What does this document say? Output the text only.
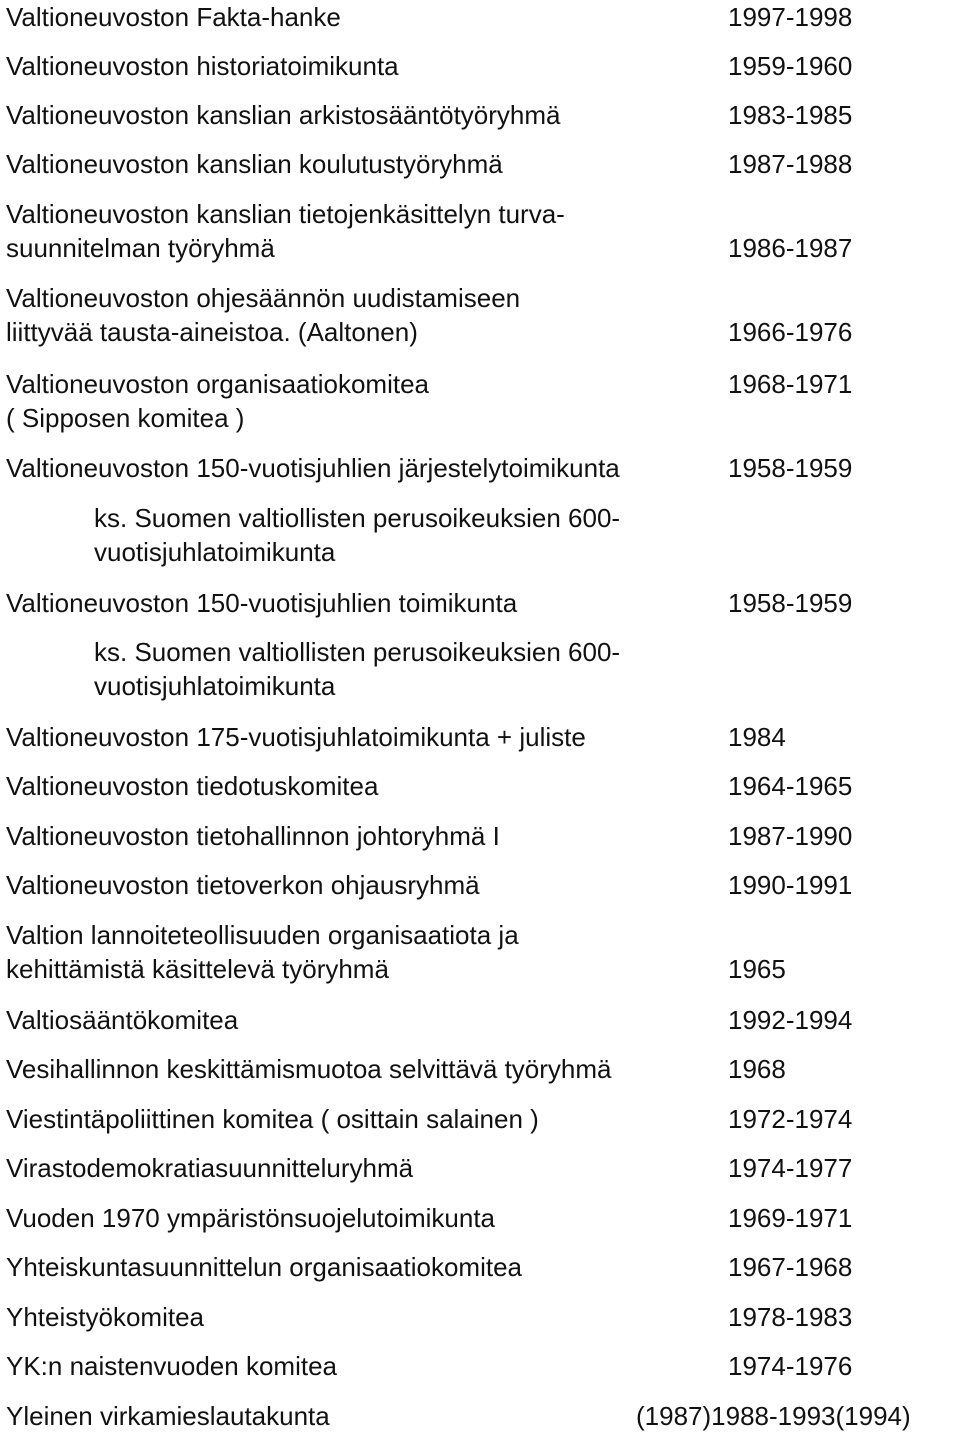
Valtioneuvoston Fakta-hanke	1997-1998
Valtioneuvoston historiatoimikunta	1959-1960
Valtioneuvoston kanslian arkistosääntötyöryhmä	1983-1985
Valtioneuvoston kanslian koulutustyöryhmä	1987-1988
Valtioneuvoston kanslian tietojenkäsittelyn turva-
suunnitelman työryhmä	1986-1987
Valtioneuvoston ohjesäännön uudistamiseen
liittyvää tausta-aineistoa. (Aaltonen)	1966-1976
Valtioneuvoston organisaatiokomitea	1968-1971
( Sipposen komitea )
Valtioneuvoston 150-vuotisjuhlien järjestelytoimikunta	1958-1959
ks. Suomen valtiollisten perusoikeuksien 600-
vuotisjuhlatoimikunta
Valtioneuvoston 150-vuotisjuhlien toimikunta	1958-1959
ks. Suomen valtiollisten perusoikeuksien 600-
vuotisjuhlatoimikunta
Valtioneuvoston 175-vuotisjuhlatoimikunta + juliste	1984
Valtioneuvoston tiedotuskomitea	1964-1965
Valtioneuvoston tietohallinnon johtoryhmä I	1987-1990
Valtioneuvoston tietoverkon ohjausryhmä	1990-1991
Valtion lannoiteteollisuuden organisaatiota ja
kehittämistä käsittelevä työryhmä	1965
Valtiosääntökomitea	1992-1994
Vesihallinnon keskittämismuotoa selvittävä työryhmä	1968
Viestintäpoliittinen komitea ( osittain salainen )	1972-1974
Virastodemokratiasuunnitteluryhmä	1974-1977
Vuoden 1970 ympäristönsuojelutoimikunta	1969-1971
Yhteiskuntasuunnittelun organisaatiokomitea	1967-1968
Yhteistyökomitea	1978-1983
YK:n naistenvuoden komitea	1974-1976
Yleinen virkamieslautakunta	(1987)1988-1993(1994)
